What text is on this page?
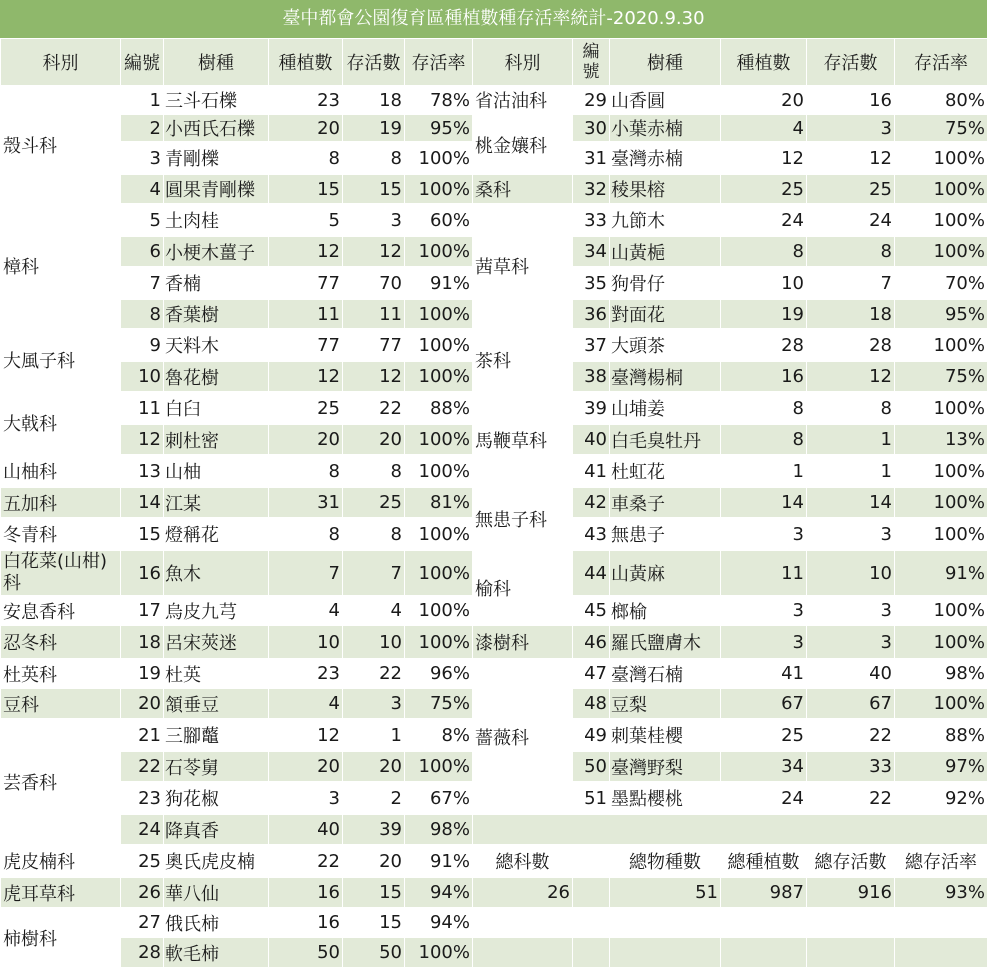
臺中都會公園復育區種植數種存活率統計-2020.9.30
科別	編號	樹種	種植數	存活數	存活率	科別	編號	樹種	種植數	存活數	存活率
殼斗科	1	三斗石櫟	23	18	78%	省沽油科	29	山香圓	20	16	80%
	2	小西氏石櫟	20	19	95%	桃金孃科	30	小葉赤楠	4	3	75%
	3	青剛櫟	8	8	100%		31	臺灣赤楠	12	12	100%
	4	圓果青剛櫟	15	15	100%	桑科	32	稜果榕	25	25	100%
樟科	5	土肉桂	5	3	60%	茜草科	33	九節木	24	24	100%
	6	小梗木薑子	12	12	100%		34	山黃梔	8	8	100%
	7	香楠	77	70	91%		35	狗骨仔	10	7	70%
	8	香葉樹	11	11	100%		36	對面花	19	18	95%
大風子科	9	天料木	77	77	100%	茶科	37	大頭茶	28	28	100%
	10	魯花樹	12	12	100%		38	臺灣楊桐	16	12	75%
大戟科	11	白臼	25	22	88%	馬鞭草科	39	山埔姜	8	8	100%
	12	刺杜密	20	20	100%		40	白毛臭牡丹	8	1	13%
山柚科	13	山柚	8	8	100%		41	杜虹花	1	1	100%
五加科	14	江某	31	25	81%	無患子科	42	車桑子	14	14	100%
冬青科	15	燈稱花	8	8	100%		43	無患子	3	3	100%
白花菜(山柑)科	16	魚木	7	7	100%	榆科	44	山黃麻	11	10	91%
安息香科	17	烏皮九芎	4	4	100%		45	榔榆	3	3	100%
忍冬科	18	呂宋莢迷	10	10	100%	漆樹科	46	羅氏鹽膚木	3	3	100%
杜英科	19	杜英	23	22	96%	薔薇科	47	臺灣石楠	41	40	98%
豆科	20	頷垂豆	4	3	75%		48	豆梨	67	67	100%
芸香科	21	三腳虌	12	1	8%		49	刺葉桂櫻	25	22	88%
	22	石苓舅	20	20	100%		50	臺灣野梨	34	33	97%
	23	狗花椒	3	2	67%		51	墨點櫻桃	24	22	92%
	24	降真香	40	39	98%						
虎皮楠科	25	奧氏虎皮楠	22	20	91%	總科數		總物種數	總種植數	總存活數	總存活率
虎耳草科	26	華八仙	16	15	94%	26		51	987	916	93%
柿樹科	27	俄氏柿	16	15	94%						
	28	軟毛柿	50	50	100%						
